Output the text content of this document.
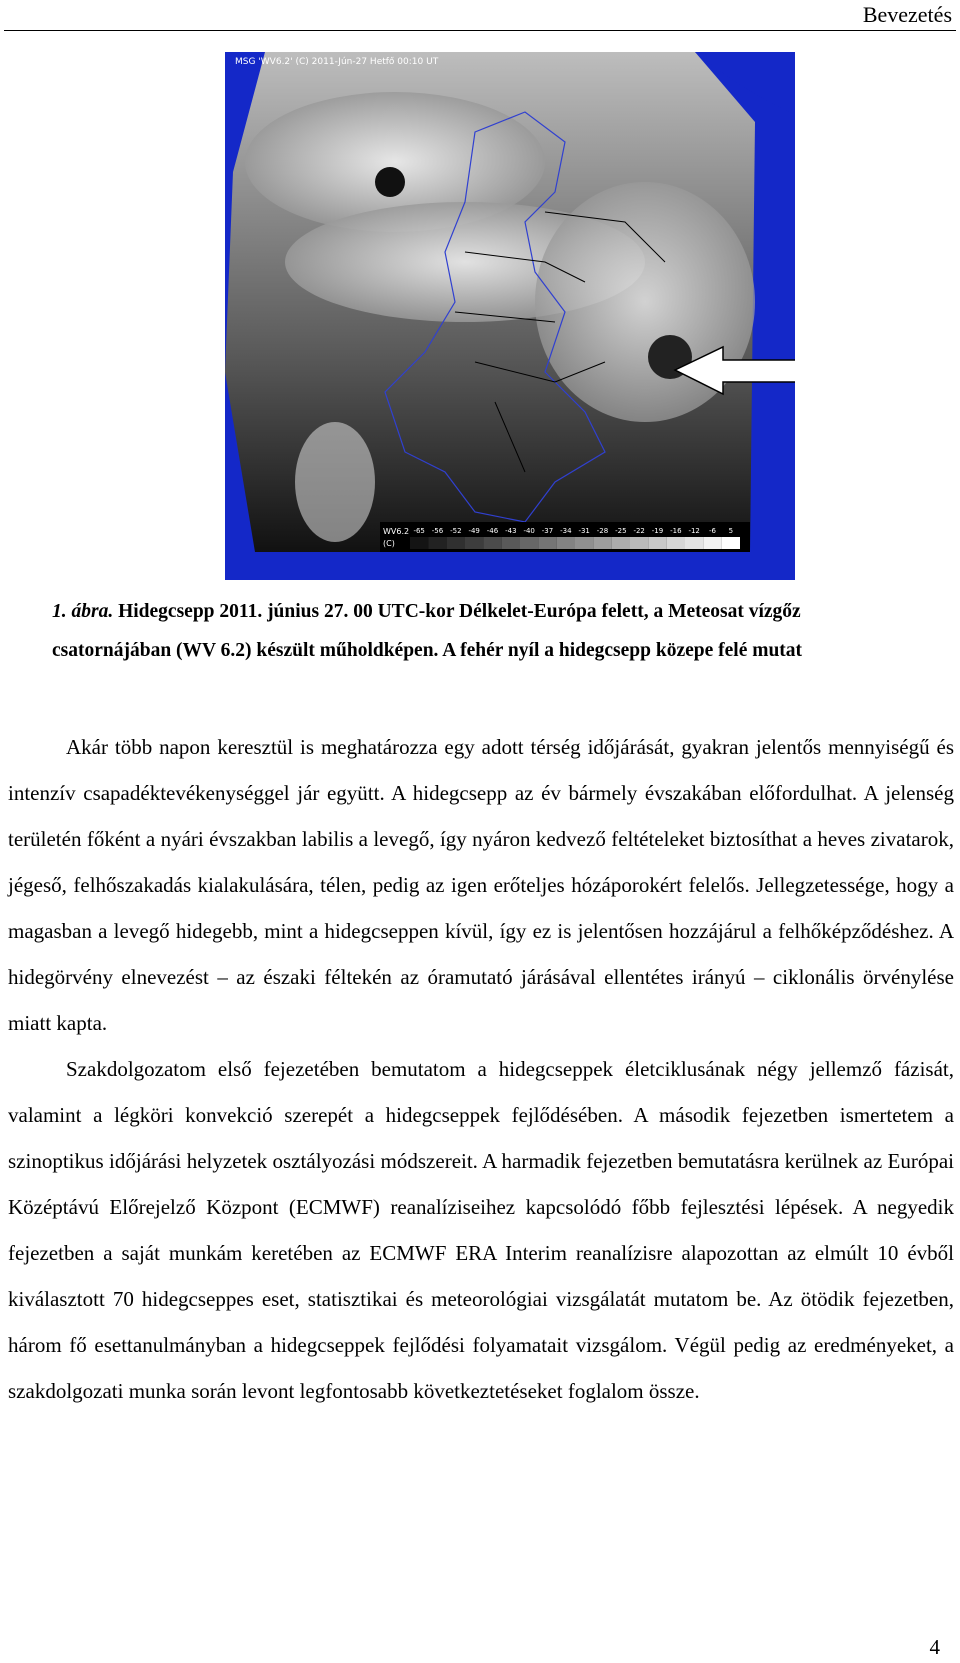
Bevezetés
MSG 'WV6.2' (C) 2011-Jún-27 Hetfő 00:10 UT
WV6.2
(C)
-65 -56 -52 -49 -46 -43 -40 -37 -34 -31 -28 -25 -22 -19 -16 -12 -6 5
1. ábra. Hidegcsepp 2011. június 27. 00 UTC-kor Délkelet-Európa felett, a Meteosat vízgőz csatornájában (WV 6.2) készült műholdképen. A fehér nyíl a hidegcsepp közepe felé mutat

Akár több napon keresztül is meghatározza egy adott térség időjárását, gyakran jelentős mennyiségű és intenzív csapadéktevékenységgel jár együtt. A hidegcsepp az év bármely évszakában előfordulhat. A jelenség területén főként a nyári évszakban labilis a levegő, így nyáron kedvező feltételeket biztosíthat a heves zivatarok, jégeső, felhőszakadás kialakulására, télen, pedig az igen erőteljes hózáporokért felelős. Jellegzetessége, hogy a magasban a levegő hidegebb, mint a hidegcseppen kívül, így ez is jelentősen hozzájárul a felhőképződéshez. A hidegörvény elnevezést – az északi féltekén az óramutató járásával ellentétes irányú – ciklonális örvénylése miatt kapta.

Szakdolgozatom első fejezetében bemutatom a hidegcseppek életciklusának négy jellemző fázisát, valamint a légköri konvekció szerepét a hidegcseppek fejlődésében. A második fejezetben ismertetem a szinoptikus időjárási helyzetek osztályozási módszereit. A harmadik fejezetben bemutatásra kerülnek az Európai Középtávú Előrejelző Központ (ECMWF) reanalíziseihez kapcsolódó főbb fejlesztési lépések. A negyedik fejezetben a saját munkám keretében az ECMWF ERA Interim reanalízisre alapozottan az elmúlt 10 évből kiválasztott 70 hidegcseppes eset, statisztikai és meteorológiai vizsgálatát mutatom be. Az ötödik fejezetben, három fő esettanulmányban a hidegcseppek fejlődési folyamatait vizsgálom. Végül pedig az eredményeket, a szakdolgozati munka során levont legfontosabb következtetéseket foglalom össze.

4
